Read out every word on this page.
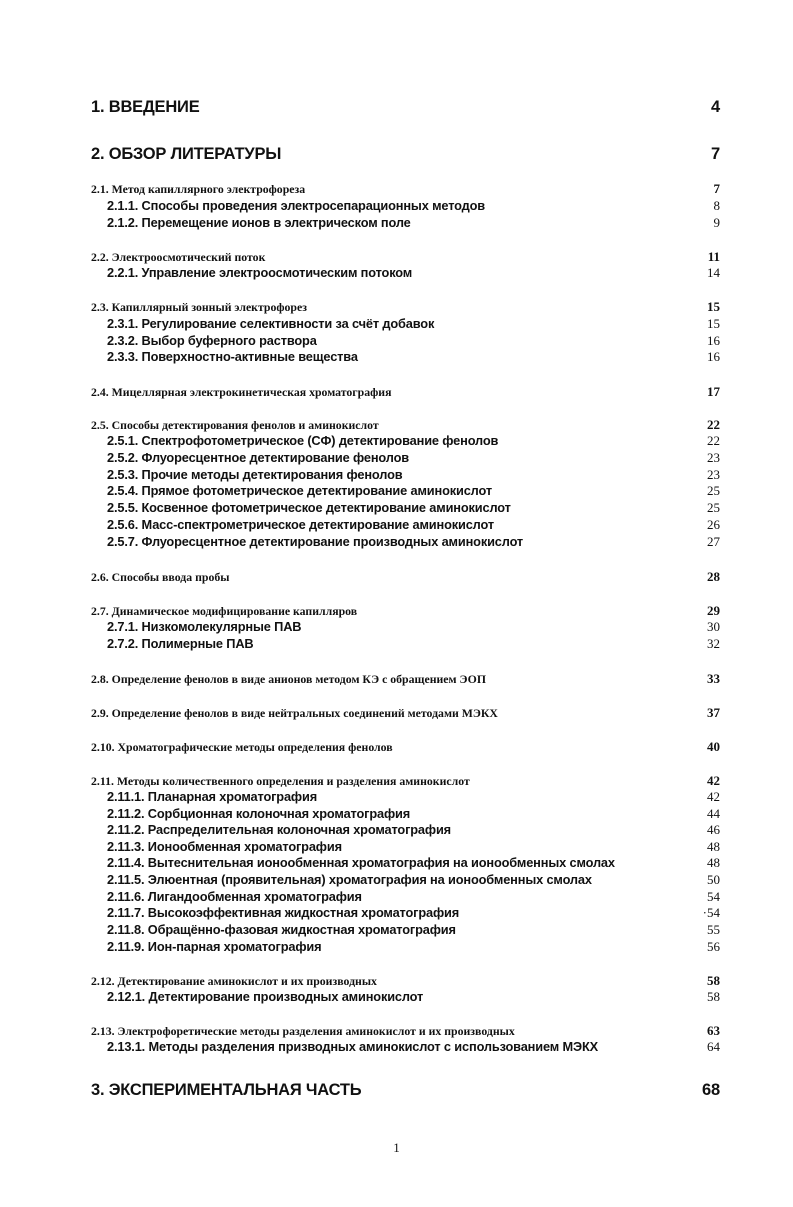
1. ВВЕДЕНИЕ	4
2. ОБЗОР ЛИТЕРАТУРЫ	7
2.1. Метод капиллярного электрофореза	7
2.1.1. Способы проведения электросепарационных методов	8
2.1.2. Перемещение ионов в электрическом поле	9
2.2. Электроосмотический поток	11
2.2.1. Управление электроосмотическим потоком	14
2.3. Капиллярный зонный электрофорез	15
2.3.1. Регулирование селективности за счёт добавок	15
2.3.2. Выбор буферного раствора	16
2.3.3. Поверхностно-активные вещества	16
2.4. Мицеллярная электрокинетическая хроматография	17
2.5. Способы детектирования фенолов и аминокислот	22
2.5.1. Спектрофотометрическое (СФ) детектирование фенолов	22
2.5.2. Флуоресцентное детектирование фенолов	23
2.5.3. Прочие методы детектирования фенолов	23
2.5.4. Прямое фотометрическое детектирование аминокислот	25
2.5.5. Косвенное фотометрическое детектирование аминокислот	25
2.5.6. Масс-спектрометрическое детектирование аминокислот	26
2.5.7. Флуоресцентное детектирование производных аминокислот	27
2.6. Способы ввода пробы	28
2.7. Динамическое модифицирование капилляров	29
2.7.1. Низкомолекулярные ПАВ	30
2.7.2. Полимерные ПАВ	32
2.8. Определение фенолов в виде анионов методом КЭ с обращением ЭОП	33
2.9. Определение фенолов в виде нейтральных соединений методами МЭКХ	37
2.10. Хроматографические методы определения фенолов	40
2.11. Методы количественного определения и разделения аминокислот	42
2.11.1. Планарная хроматография	42
2.11.2. Сорбционная колоночная хроматография	44
2.11.2. Распределительная колоночная хроматография	46
2.11.3. Ионообменная хроматография	48
2.11.4. Вытеснительная ионообменная хроматография на ионообменных смолах	48
2.11.5. Элюентная (проявительная) хроматография на ионообменных смолах	50
2.11.6. Лигандообменная хроматография	54
2.11.7. Высокоэффективная жидкостная хроматография	·54
2.11.8. Обращённо-фазовая жидкостная хроматография	55
2.11.9. Ион-парная хроматография	56
2.12. Детектирование аминокислот и их производных	58
2.12.1. Детектирование производных аминокислот	58
2.13. Электрофоретические методы разделения аминокислот и их производных	63
2.13.1. Методы разделения призводных аминокислот с использованием МЭКХ	64
3. ЭКСПЕРИМЕНТАЛЬНАЯ ЧАСТЬ	68
1
